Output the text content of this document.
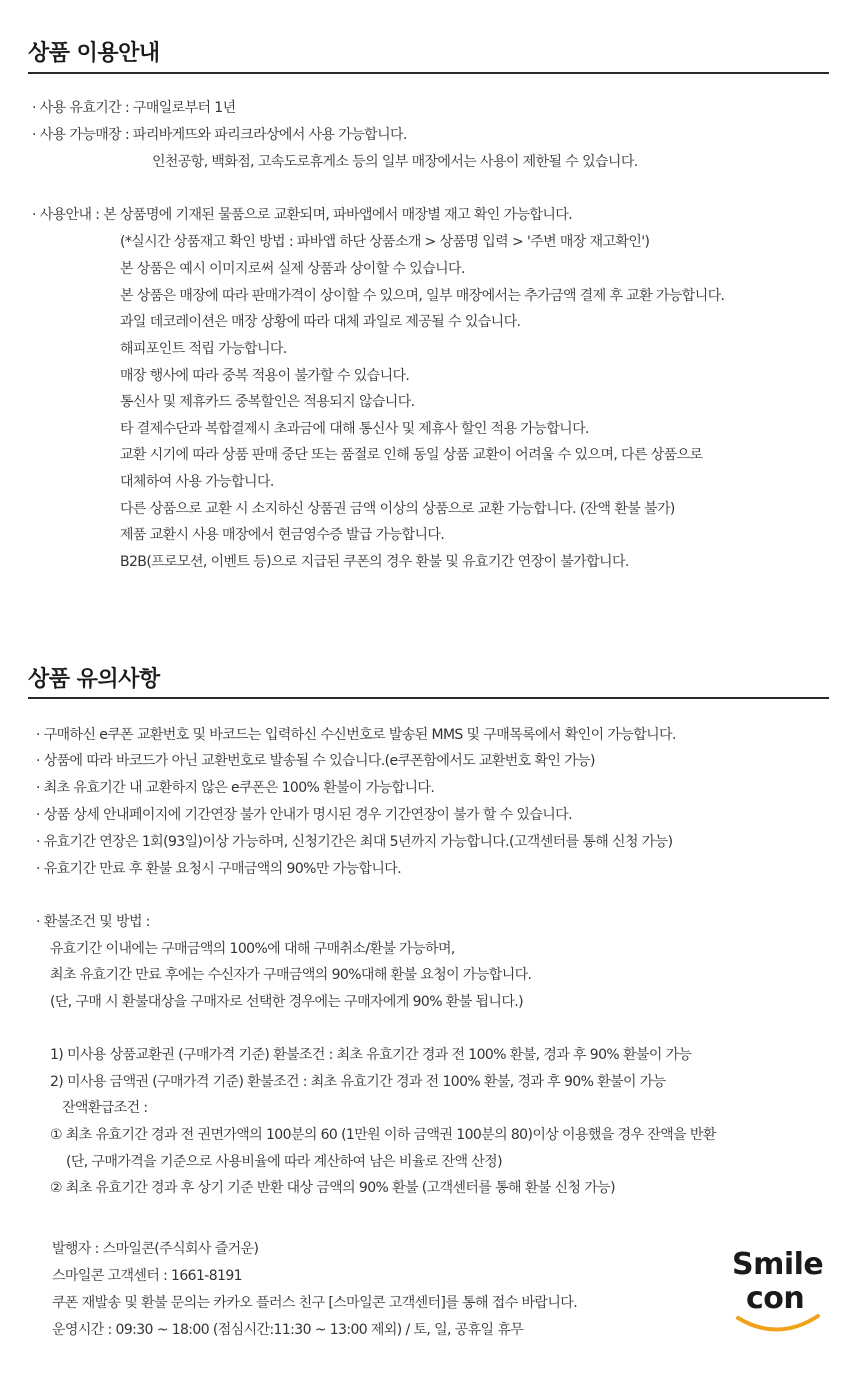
상품 이용안내
· 사용 유효기간 : 구매일로부터 1년
· 사용 가능매장 : 파리바게뜨와 파리크라상에서 사용 가능합니다.
인천공항, 백화점, 고속도로휴게소 등의 일부 매장에서는 사용이 제한될 수 있습니다.
· 사용안내 : 본 상품명에 기재된 물품으로 교환되며, 파바앱에서 매장별 재고 확인 가능합니다.
(*실시간 상품재고 확인 방법 : 파바앱 하단 상품소개 > 상품명 입력 > '주변 매장 재고확인')
본 상품은 예시 이미지로써 실제 상품과 상이할 수 있습니다.
본 상품은 매장에 따라 판매가격이 상이할 수 있으며, 일부 매장에서는 추가금액 결제 후 교환 가능합니다.
과일 데코레이션은 매장 상황에 따라 대체 과일로 제공될 수 있습니다.
해피포인트 적립 가능합니다.
매장 행사에 따라 중복 적용이 불가할 수 있습니다.
통신사 및 제휴카드 중복할인은 적용되지 않습니다.
타 결제수단과 복합결제시 초과금에 대해 통신사 및 제휴사 할인 적용 가능합니다.
교환 시기에 따라 상품 판매 중단 또는 품절로 인해 동일 상품 교환이 어려울 수 있으며, 다른 상품으로
대체하여 사용 가능합니다.
다른 상품으로 교환 시 소지하신 상품권 금액 이상의 상품으로 교환 가능합니다. (잔액 환불 불가)
제품 교환시 사용 매장에서 현금영수증 발급 가능합니다.
B2B(프로모션, 이벤트 등)으로 지급된 쿠폰의 경우 환불 및 유효기간 연장이 불가합니다.
상품 유의사항
· 구매하신 e쿠폰 교환번호 및 바코드는 입력하신 수신번호로 발송된 MMS 및 구매목록에서 확인이 가능합니다.
· 상품에 따라 바코드가 아닌 교환번호로 발송될 수 있습니다.(e쿠폰함에서도 교환번호 확인 가능)
· 최초 유효기간 내 교환하지 않은 e쿠폰은 100% 환불이 가능합니다.
· 상품 상세 안내페이지에 기간연장 불가 안내가 명시된 경우 기간연장이 불가 할 수 있습니다.
· 유효기간 연장은 1회(93일)이상 가능하며, 신청기간은 최대 5년까지 가능합니다.(고객센터를 통해 신청 가능)
· 유효기간 만료 후 환불 요청시 구매금액의 90%만 가능합니다.
· 환불조건 및 방법 :
유효기간 이내에는 구매금액의 100%에 대해 구매취소/환불 가능하며,
최초 유효기간 만료 후에는 수신자가 구매금액의 90%대해 환불 요청이 가능합니다.
(단, 구매 시 환불대상을 구매자로 선택한 경우에는 구매자에게 90% 환불 됩니다.)
1) 미사용 상품교환권 (구매가격 기준) 환불조건 : 최초 유효기간 경과 전 100% 환불, 경과 후 90% 환불이 가능
2) 미사용 금액권 (구매가격 기준) 환불조건 : 최초 유효기간 경과 전 100% 환불, 경과 후 90% 환불이 가능
잔액환급조건 :
① 최초 유효기간 경과 전 권면가액의 100분의 60 (1만원 이하 금액권 100분의 80)이상 이용했을 경우 잔액을 반환
(단, 구매가격을 기준으로 사용비율에 따라 계산하여 남은 비율로 잔액 산정)
② 최초 유효기간 경과 후 상기 기준 반환 대상 금액의 90% 환불 (고객센터를 통해 환불 신청 가능)
발행자 : 스마일콘(주식회사 즐거운)
스마일콘 고객센터 : 1661-8191
쿠폰 재발송 및 환불 문의는 카카오 플러스 친구 [스마일콘 고객센터]를 통해 접수 바랍니다.
운영시간 : 09:30 ~ 18:00 (점심시간:11:30 ~ 13:00 제외) / 토, 일, 공휴일 휴무
Smile
con
